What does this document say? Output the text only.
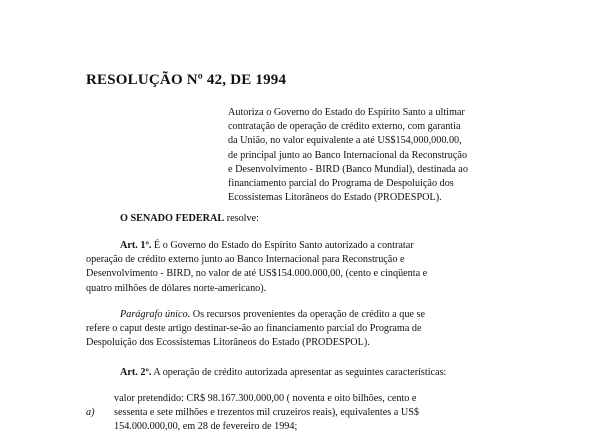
RESOLUÇÃO Nº 42, DE 1994
Autoriza o Governo do Estado do Espírito Santo a ultimar
contratação de operação de crédito externo, com garantia
da União, no valor equivalente a até US$154,000,000.00,
de principal junto ao Banco Internacional da Reconstrução
e Desenvolvimento - BIRD (Banco Mundial), destinada ao
financiamento parcial do Programa de Despoluição dos
Ecossistemas Litorâneos do Estado (PRODESPOL).
O SENADO FEDERAL resolve:
Art. 1º. É o Governo do Estado do Espírito Santo autorizado a contratar
operação de crédito externo junto ao Banco Internacional para Reconstrução e
Desenvolvimento - BIRD, no valor de até US$154.000.000,00, (cento e cinqüenta e
quatro milhões de dólares norte-americano).
Parágrafo único. Os recursos provenientes da operação de crédito a que se
refere o caput deste artigo destinar-se-ão ao financiamento parcial do Programa de
Despoluição dos Ecossistemas Litorâneos do Estado (PRODESPOL).
Art. 2º. A operação de crédito autorizada apresentar as seguintes características:
valor pretendido: CR$ 98.167.300.000,00 ( noventa e oito bilhões, cento e
a) sessenta e sete milhões e trezentos mil cruzeiros reais), equivalentes a US$
154.000.000,00, em 28 de fevereiro de 1994;
